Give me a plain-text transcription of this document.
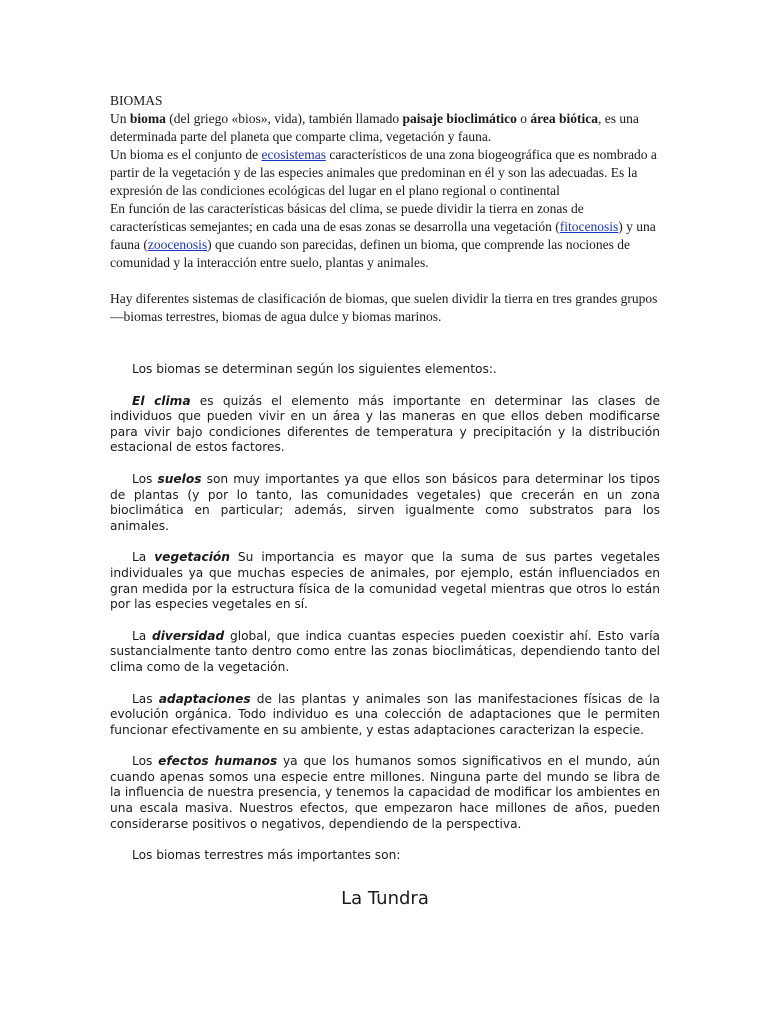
BIOMAS

Un bioma (del griego «bios», vida), también llamado paisaje bioclimático o área biótica, es una determinada parte del planeta que comparte clima, vegetación y fauna.

Un bioma es el conjunto de ecosistemas característicos de una zona biogeográfica que es nombrado a partir de la vegetación y de las especies animales que predominan en él y son las adecuadas. Es la expresión de las condiciones ecológicas del lugar en el plano regional o continental

En función de las características básicas del clima, se puede dividir la tierra en zonas de características semejantes; en cada una de esas zonas se desarrolla una vegetación (fitocenosis) y una fauna (zoocenosis) que cuando son parecidas, definen un bioma, que comprende las nociones de comunidad y la interacción entre suelo, plantas y animales.

Hay diferentes sistemas de clasificación de biomas, que suelen dividir la tierra en tres grandes grupos —biomas terrestres, biomas de agua dulce y biomas marinos.

Los biomas se determinan según los siguientes elementos:.

El clima es quizás el elemento más importante en determinar las clases de individuos que pueden vivir en un área y las maneras en que ellos deben modificarse para vivir bajo condiciones diferentes de temperatura y precipitación y la distribución estacional de estos factores.

Los suelos son muy importantes ya que ellos son básicos para determinar los tipos de plantas (y por lo tanto, las comunidades vegetales) que crecerán en un zona bioclimática en particular; además, sirven igualmente como substratos para los animales.

La vegetación Su importancia es mayor que la suma de sus partes vegetales individuales ya que muchas especies de animales, por ejemplo, están influenciados en gran medida por la estructura física de la comunidad vegetal mientras que otros lo están por las especies vegetales en sí.

La diversidad global, que indica cuantas especies pueden coexistir ahí. Esto varía sustancialmente tanto dentro como entre las zonas bioclimáticas, dependiendo tanto del clima como de la vegetación.

Las adaptaciones de las plantas y animales son las manifestaciones físicas de la evolución orgánica. Todo individuo es una colección de adaptaciones que le permiten funcionar efectivamente en su ambiente, y estas adaptaciones caracterizan la especie.

Los efectos humanos ya que los humanos somos significativos en el mundo, aún cuando apenas somos una especie entre millones. Ninguna parte del mundo se libra de la influencia de nuestra presencia, y tenemos la capacidad de modificar los ambientes en una escala masiva. Nuestros efectos, que empezaron hace millones de años, pueden considerarse positivos o negativos, dependiendo de la perspectiva.

Los biomas terrestres más importantes son:

La Tundra
